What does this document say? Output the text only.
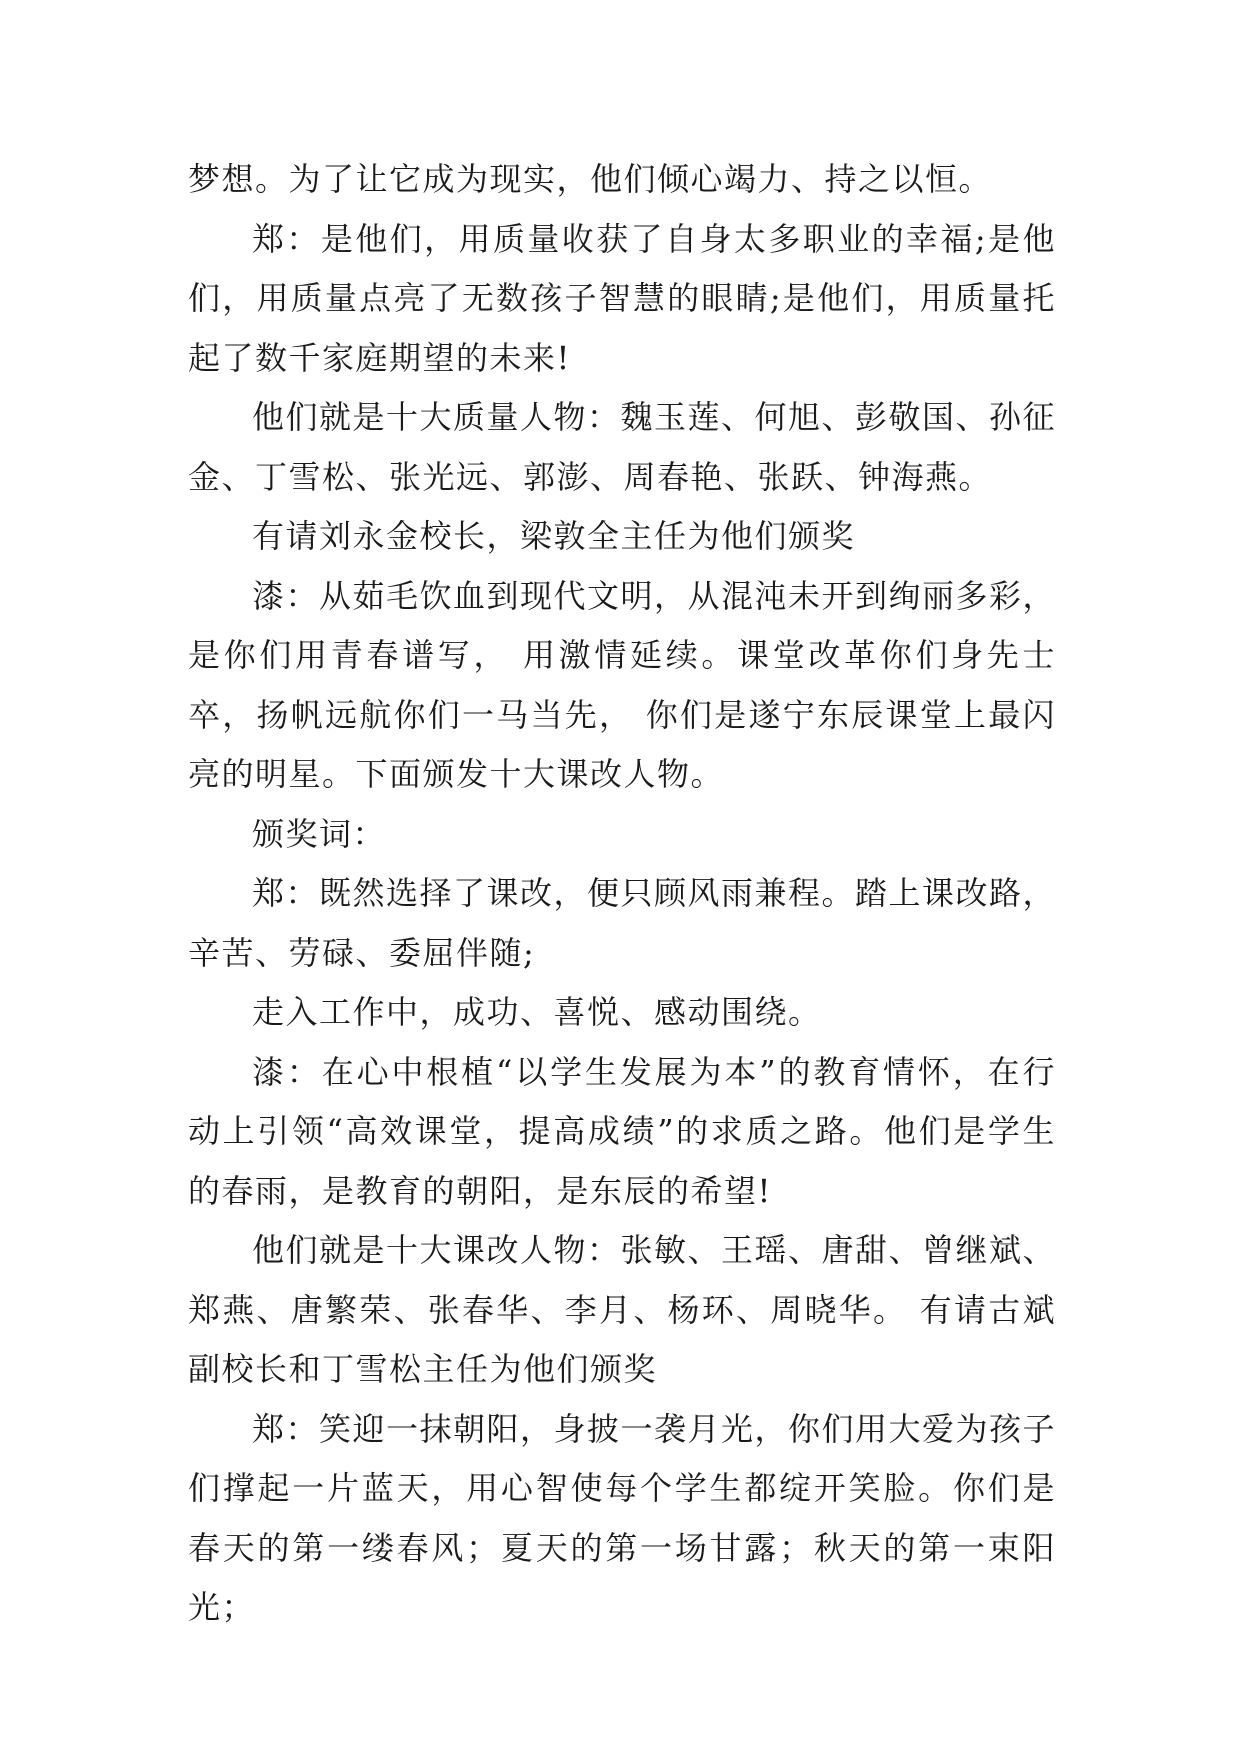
梦想。为了让它成为现实，他们倾心竭力、持之以恒。

郑：是他们，用质量收获了自身太多职业的幸福;是他们，用质量点亮了无数孩子智慧的眼睛;是他们，用质量托起了数千家庭期望的未来!

他们就是十大质量人物：魏玉莲、何旭、彭敬国、孙征金、丁雪松、张光远、郭澎、周春艳、张跃、钟海燕。

有请刘永金校长，梁敦全主任为他们颁奖

漆：从茹毛饮血到现代文明，从混沌未开到绚丽多彩，是你们用青春谱写， 用激情延续。课堂改革你们身先士卒，扬帆远航你们一马当先， 你们是遂宁东辰课堂上最闪亮的明星。下面颁发十大课改人物。

颁奖词：

郑：既然选择了课改，便只顾风雨兼程。踏上课改路，辛苦、劳碌、委屈伴随;

走入工作中，成功、喜悦、感动围绕。

漆：在心中根植“以学生发展为本”的教育情怀，在行动上引领“高效课堂，提高成绩”的求质之路。他们是学生的春雨，是教育的朝阳，是东辰的希望!

他们就是十大课改人物：张敏、王瑶、唐甜、曾继斌、郑燕、唐繁荣、张春华、李月、杨环、周晓华。 有请古斌副校长和丁雪松主任为他们颁奖

郑：笑迎一抹朝阳，身披一袭月光，你们用大爱为孩子们撑起一片蓝天，用心智使每个学生都绽开笑脸。你们是春天的第一缕春风；夏天的第一场甘露；秋天的第一束阳光；
